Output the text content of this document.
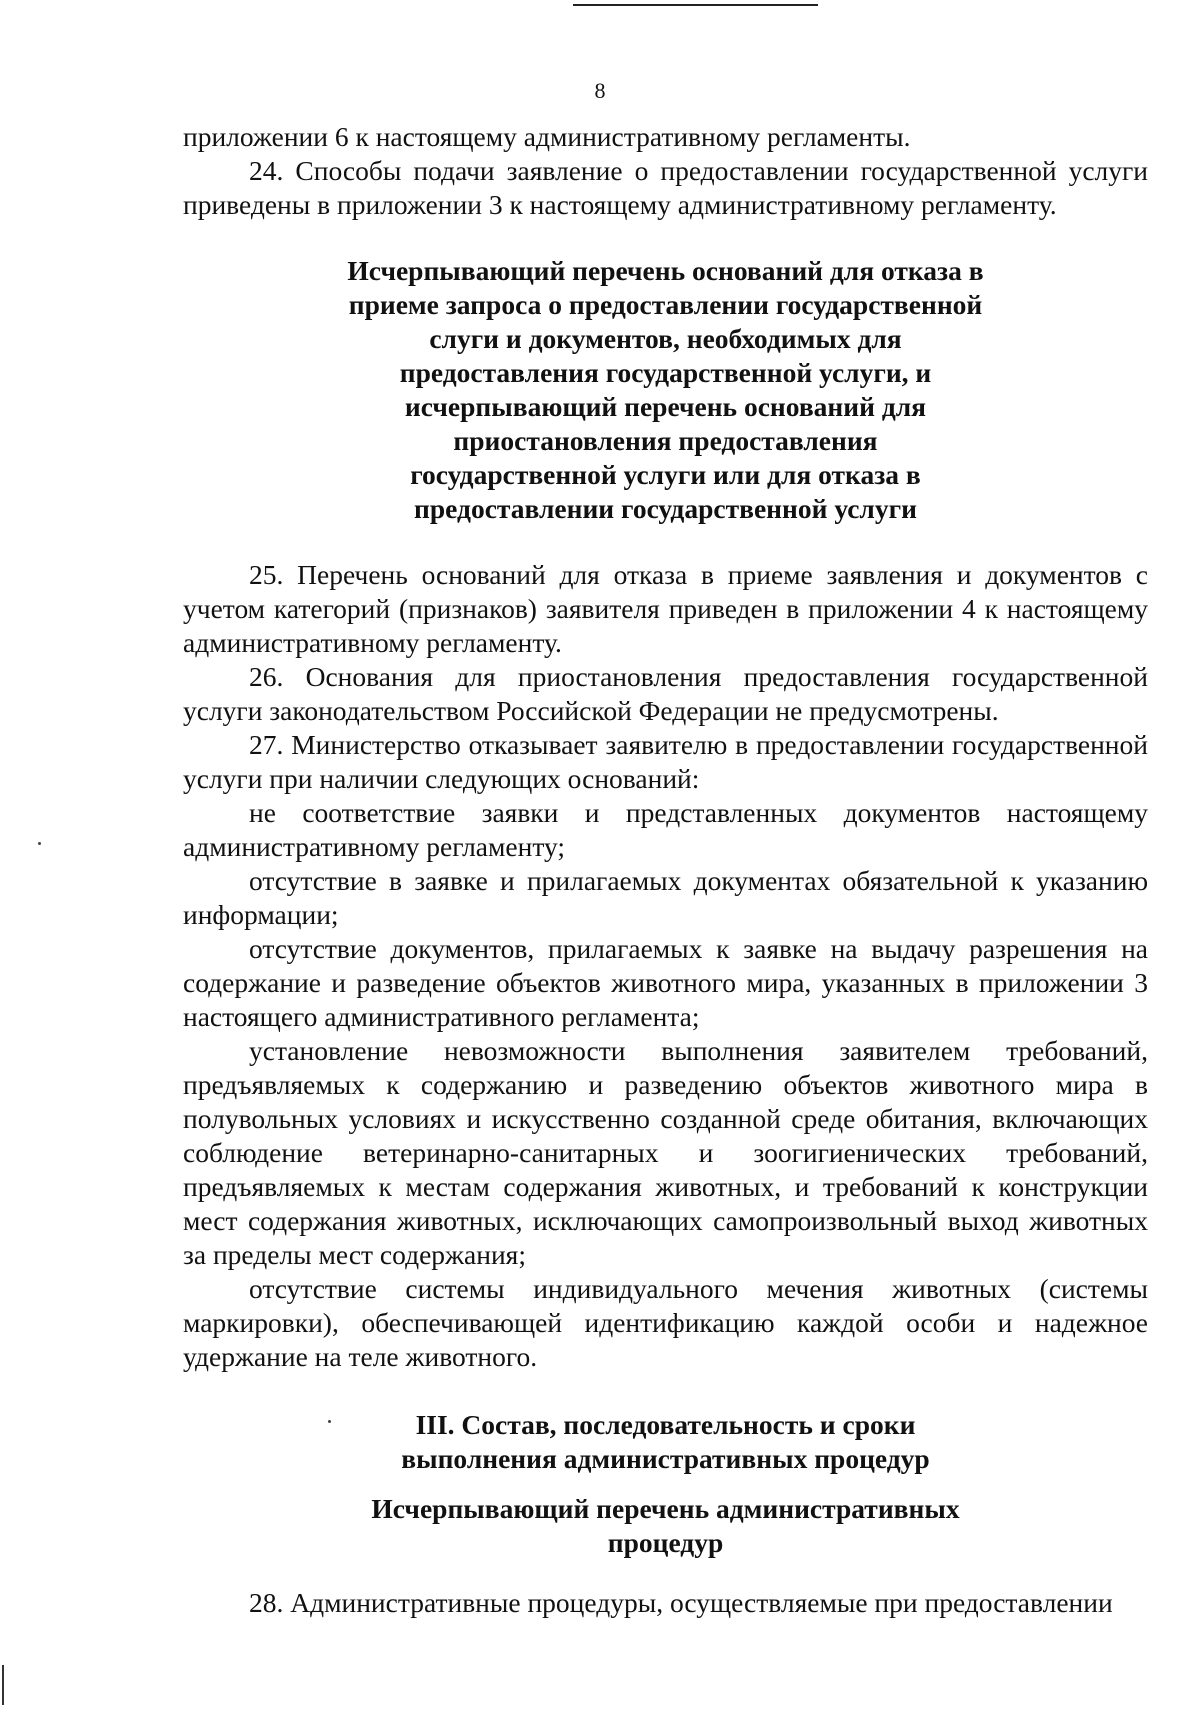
8

приложении 6 к настоящему административному регламенты.

24. Способы подачи заявление о предоставлении государственной услуги приведены в приложении 3 к настоящему административному регламенту.

Исчерпывающий перечень оснований для отказа в
приеме запроса о предоставлении государственной
слуги и документов, необходимых для
предоставления государственной услуги, и
исчерпывающий перечень оснований для
приостановления предоставления
государственной услуги или для отказа в
предоставлении государственной услуги

25. Перечень оснований для отказа в приеме заявления и документов с учетом категорий (признаков) заявителя приведен в приложении 4 к настоящему административному регламенту.

26. Основания для приостановления предоставления государственной услуги законодательством Российской Федерации не предусмотрены.

27. Министерство отказывает заявителю в предоставлении государственной услуги при наличии следующих оснований:

не соответствие заявки и представленных документов настоящему административному регламенту;

отсутствие в заявке и прилагаемых документах обязательной к указанию информации;

отсутствие документов, прилагаемых к заявке на выдачу разрешения на содержание и разведение объектов животного мира, указанных в приложении 3 настоящего административного регламента;

установление невозможности выполнения заявителем требований, предъявляемых к содержанию и разведению объектов животного мира в полувольных условиях и искусственно созданной среде обитания, включающих соблюдение ветеринарно-санитарных и зоогигиенических требований, предъявляемых к местам содержания животных, и требований к конструкции мест содержания животных, исключающих самопроизвольный выход животных за пределы мест содержания;

отсутствие системы индивидуального мечения животных (системы маркировки), обеспечивающей идентификацию каждой особи и надежное удержание на теле животного.

III. Состав, последовательность и сроки
выполнения административных процедур
Исчерпывающий перечень административных
процедур

28. Административные процедуры, осуществляемые при предоставлении
